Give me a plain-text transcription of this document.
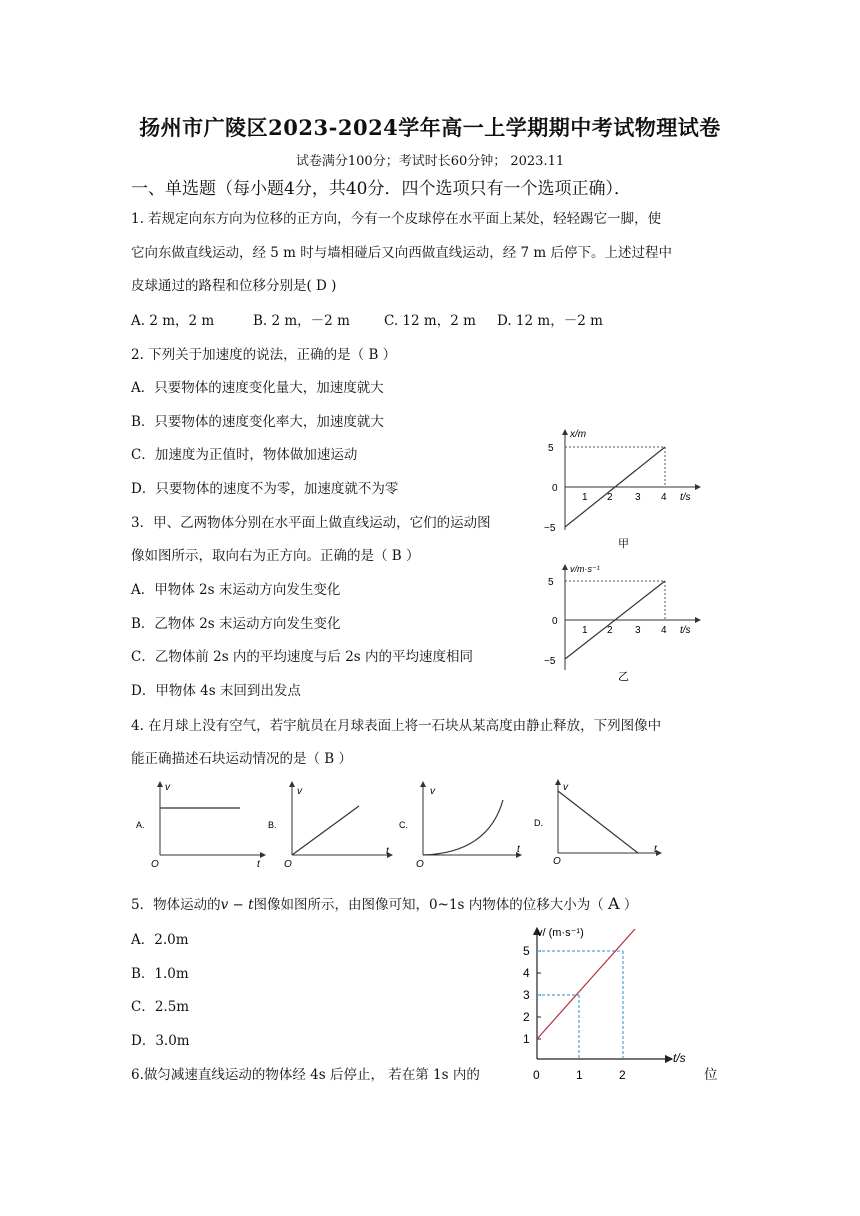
扬州市广陵区2023-2024学年高一上学期期中考试物理试卷
试卷满分100分；考试时长60分钟； 2023.11
一、单选题（每小题4分，共40分．四个选项只有一个选项正确）．
1. 若规定向东方向为位移的正方向，今有一个皮球停在水平面上某处，轻轻踢它一脚，使
它向东做直线运动，经 5 m 时与墙相碰后又向西做直线运动，经 7 m 后停下。上述过程中
皮球通过的路程和位移分别是( D )
A. 2 m，2 m	B. 2 m，－2 m	C. 12 m，2 m D. 12 m，－2 m
2. 下列关于加速度的说法，正确的是（ B ）
A．只要物体的速度变化量大，加速度就大
B．只要物体的速度变化率大，加速度就大
C．加速度为正值时，物体做加速运动
D．只要物体的速度不为零，加速度就不为零
3．甲、乙两物体分别在水平面上做直线运动，它们的运动图
像如图所示，取向右为正方向。正确的是（ B ）
A．甲物体 2s 末运动方向发生变化
B．乙物体 2s 末运动方向发生变化
C．乙物体前 2s 内的平均速度与后 2s 内的平均速度相同
D．甲物体 4s 末回到出发点
x/m
5
0
−5
1 2 3 4 t/s
甲
v/m·s⁻¹
5
0
−5
1 2 3 4 t/s
乙
4. 在月球上没有空气，若宇航员在月球表面上将一石块从某高度由静止释放，下列图像中
能正确描述石块运动情况的是（ B ）
A.
v
O	t
B.
v
O
t
C.
v
O
t
D.
v
O
t
5．物体运动的v − t图像如图所示，由图像可知，0~1s 内物体的位移大小为（ A ）
A．2.0m
B．1.0m
C．2.5m
D．3.0m
v/ (m·s⁻¹)
5
4
3
2
1
0	1	2
t/s
6.做匀减速直线运动的物体经 4s 后停止， 若在第 1s 内的	位
